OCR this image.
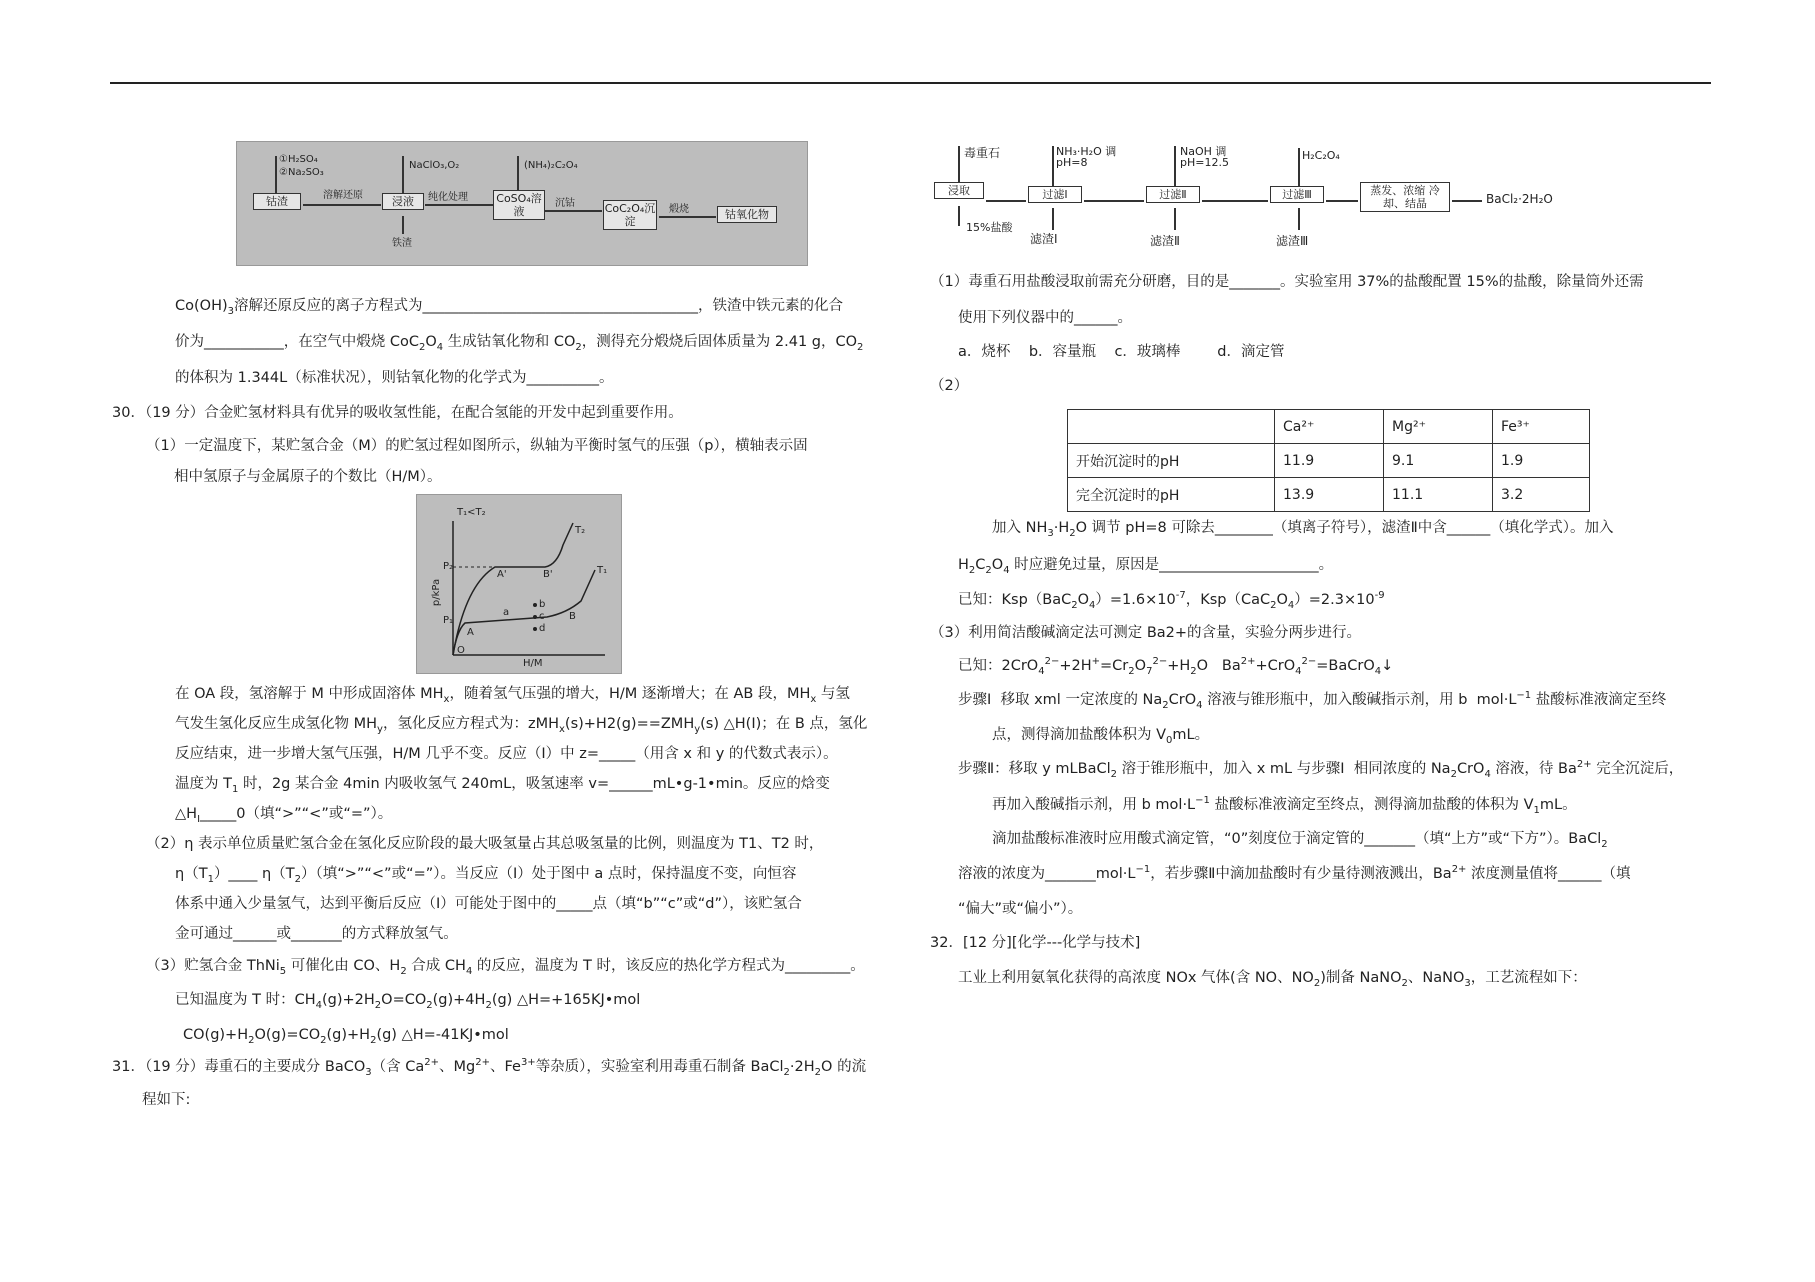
①H₂SO₄
②Na₂SO₃
NaClO₃,O₂	(NH₄)₂C₂O₄
钴渣	浸液	CoSO₄溶液	CoC₂O₄沉淀
钴氧化物
溶解还原	纯化处理
沉钴
煅烧
铁渣
$Co(OH)_3$溶解还原反应的离子方程式为______________________________________，铁渣中铁元素的化合
价为___________，在空气中煅烧 $CoC_2O_4$ 生成钴氧化物和 $CO_2$，测得充分煅烧后固体质量为 2.41 g，$CO_2$
的体积为 1.344L（标准状况），则钴氧化物的化学式为__________。
30．（19 分）合金贮氢材料具有优异的吸收氢性能，在配合氢能的开发中起到重要作用。
（1）一定温度下，某贮氢合金（M）的贮氢过程如图所示，纵轴为平衡时氢气的压强（p），横轴表示固
相中氢原子与金属原子的个数比（H/M）。
T₁<T₂
p/kPa
H/M
O
A
A'
B
B'
a
b
c
d
T₁
T₂
P₁
P₂
在 OA 段，氢溶解于 M 中形成固溶体 $MH_x$，随着氢气压强的增大，H/M 逐渐增大；在 AB 段，$MH_x$ 与氢
气发生氢化反应生成氢化物 $MH_y$，氢化反应方程式为：$zMH_x(s)+H2(g)==ZMH_y(s)$ △H(Ⅰ)；在 B 点，氢化
反应结束，进一步增大氢气压强，H/M 几乎不变。反应（Ⅰ）中 z=_____（用含 x 和 y 的代数式表示）。
温度为 $T_1$ 时，2g 某合金 4min 内吸收氢气 240mL，吸氢速率 v=______mL•g-1•min。反应的焓变
$\triangle H_Ⅰ\_\_\_\_\_0$（填“>”“<”或“=”）。
（2）η 表示单位质量贮氢合金在氢化反应阶段的最大吸氢量占其总吸氢量的比例，则温度为 T1、T2 时，
$\eta(T_1)\_\_\_\_$ $\eta(T_2)$（填“>”“<”或“=”）。当反应（Ⅰ）处于图中 a 点时，保持温度不变，向恒容
体系中通入少量氢气，达到平衡后反应（Ⅰ）可能处于图中的_____点（填“b”“c”或“d”），该贮氢合
金可通过______或_______的方式释放氢气。
（3）贮氢合金 ThNi$_5$ 可催化由 CO、$H_2$ 合成 $CH_4$ 的反应，温度为 T 时，该反应的热化学方程式为_________。
已知温度为 T 时：$CH_4(g)+2H_2O=CO_2(g)+4H_2(g)$ △H=+165KJ•mol
$CO(g)+H_2O(g)=CO_2(g)+H_2(g)$ △H=-41KJ•mol
31．（19 分）毒重石的主要成分 BaCO$_3$（含 $Ca^{2+}$、$Mg^{2+}$、$Fe^{3+}$等杂质），实验室利用毒重石制备 $BaCl_2\cdot 2H_2O$ 的流
程如下:
毒重石	NH₃·H₂O 调pH=8
NaOH 调pH=12.5
H₂C₂O₄
浸取	过滤Ⅰ	过滤Ⅱ	过滤Ⅲ	蒸发、浓缩 冷却、结晶	BaCl₂·2H₂O
15%盐酸
滤渣Ⅰ	滤渣Ⅱ	滤渣Ⅲ
（1）毒重石用盐酸浸取前需充分研磨，目的是_______。实验室用 37%的盐酸配置 15%的盐酸，除量筒外还需
使用下列仪器中的______。
a．烧杯    b．容量瓶    c．玻璃棒        d．滴定管
（2）
	Ca²⁺	Mg²⁺	Fe³⁺
开始沉淀时的pH	11.9	9.1	1.9
完全沉淀时的pH	13.9	11.1	3.2
加入 $NH_3\cdot H_2O$ 调节 pH=8 可除去________（填离子符号），滤渣Ⅱ中含______（填化学式）。加入
$H_2C_2O_4$ 时应避免过量，原因是______________________。
已知：$Ksp(BaC_2O_4)=1.6\times 10^{-7}$，$Ksp(CaC_2O_4)=2.3\times 10^{-9}$
（3）利用简洁酸碱滴定法可测定 Ba2+的含量，实验分两步进行。
已知：$2CrO_4^{2-}+2H^+=Cr_2O_7^{2-}+H_2O$   $Ba^{2+}+CrO_4^{2-}=BaCrO_4↓$
步骤Ⅰ  移取 xml 一定浓度的 $Na_2CrO_4$ 溶液与锥形瓶中，加入酸碱指示剂，用 b  $mol\cdot L^{-1}$ 盐酸标准液滴定至终
点，测得滴加盐酸体积为 $V_0mL$。
步骤Ⅱ：移取 y mLBaCl$_2$ 溶于锥形瓶中，加入 x mL 与步骤Ⅰ  相同浓度的 $Na_2CrO_4$ 溶液，待 $Ba^{2+}$ 完全沉淀后，
再加入酸碱指示剂，用 b $mol\cdot L^{-1}$ 盐酸标准液滴定至终点，测得滴加盐酸的体积为 $V_1mL$。
滴加盐酸标准液时应用酸式滴定管，“0”刻度位于滴定管的_______（填“上方”或“下方”）。BaCl$_2$
溶液的浓度为$\_\_\_\_\_\_\_mol\cdot L^{-1}$，若步骤Ⅱ中滴加盐酸时有少量待测液溅出，$Ba^{2+}$ 浓度测量值将______（填
“偏大”或“偏小”）。
32．[12 分][化学---化学与技术]
工业上利用氨氧化获得的高浓度 NOx 气体(含 NO、$NO_2$)制备 NaNO$_2$、NaNO$_3$，工艺流程如下：
